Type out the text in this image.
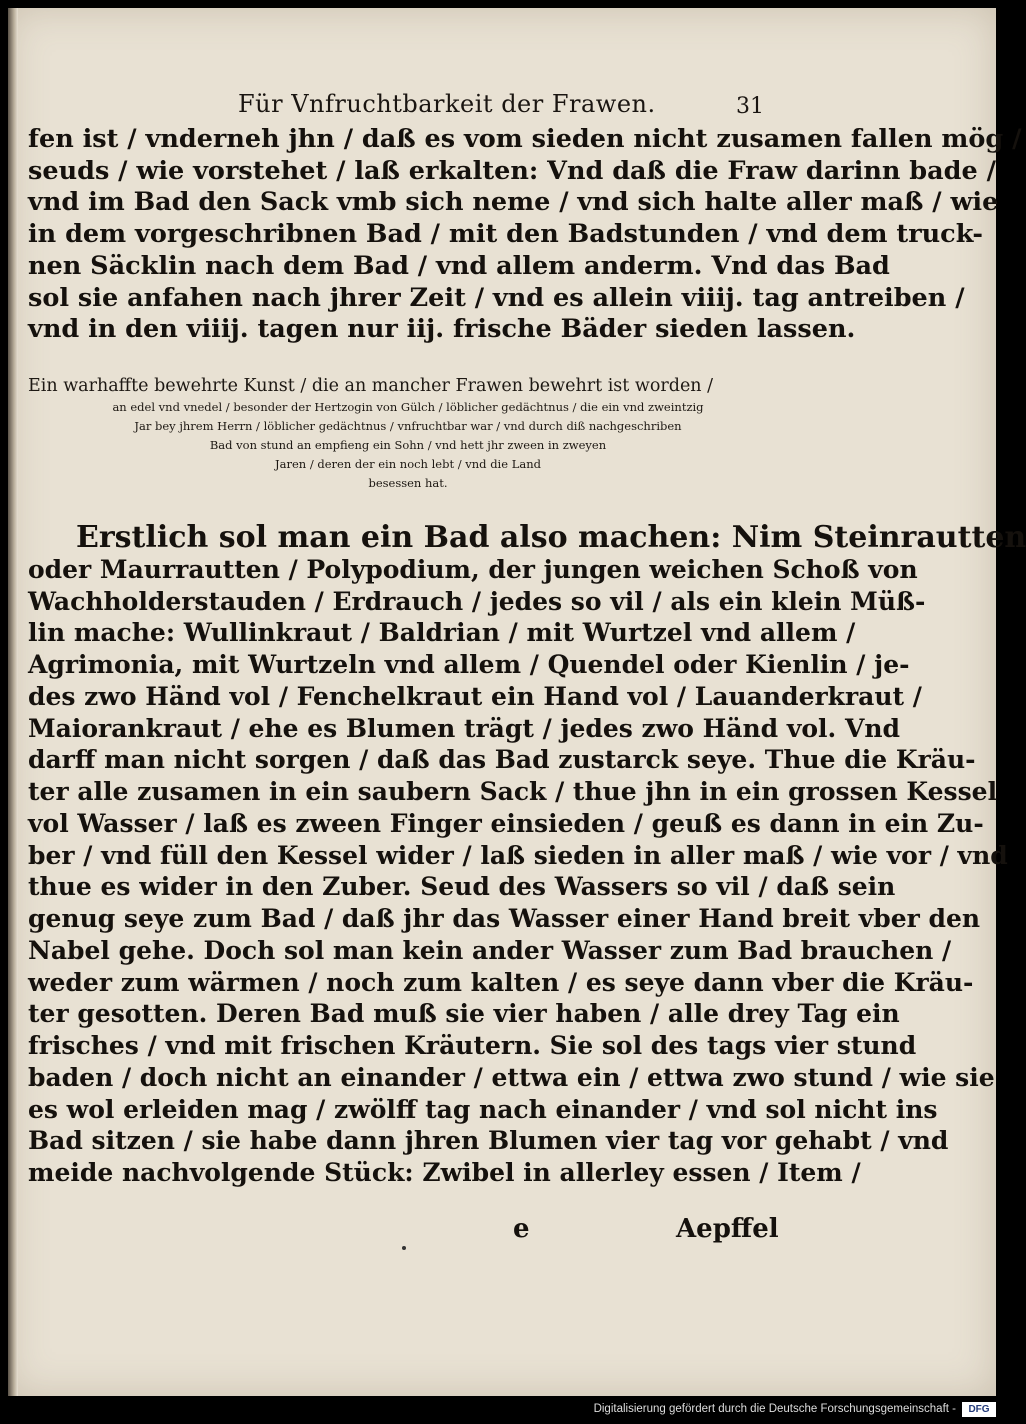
Für Vnfruchtbarkeit der Frawen.	31
fen ist / vnderneh jhn / daß es vom sieden nicht zusamen fallen mög /
seuds / wie vorstehet / laß erkalten: Vnd daß die Fraw darinn bade /
vnd im Bad den Sack vmb sich neme / vnd sich halte aller maß / wie
in dem vorgeschribnen Bad / mit den Badstunden / vnd dem truck-
nen Säcklin nach dem Bad / vnd allem anderm. Vnd das Bad
sol sie anfahen nach jhrer Zeit / vnd es allein viiij. tag antreiben /
vnd in den viiij. tagen nur iij. frische Bäder sieden lassen.
Ein warhaffte bewehrte Kunst / die an mancher Frawen bewehrt ist worden /
an edel vnd vnedel / besonder der Hertzogin von Gülch / löblicher gedächtnus / die ein vnd zweintzig
Jar bey jhrem Herrn / löblicher gedächtnus / vnfruchtbar war / vnd durch diß nachgeschriben
Bad von stund an empfieng ein Sohn / vnd hett jhr zween in zweyen
Jaren / deren der ein noch lebt / vnd die Land
besessen hat.
Erstlich sol man ein Bad also machen: Nim Steinrautten
oder Maurrautten / Polypodium, der jungen weichen Schoß von
Wachholderstauden / Erdrauch / jedes so vil / als ein klein Müß-
lin mache: Wullinkraut / Baldrian / mit Wurtzel vnd allem /
Agrimonia, mit Wurtzeln vnd allem / Quendel oder Kienlin / je-
des zwo Händ vol / Fenchelkraut ein Hand vol / Lauanderkraut /
Maiorankraut / ehe es Blumen trägt / jedes zwo Händ vol. Vnd
darff man nicht sorgen / daß das Bad zustarck seye. Thue die Kräu-
ter alle zusamen in ein saubern Sack / thue jhn in ein grossen Kessel
vol Wasser / laß es zween Finger einsieden / geuß es dann in ein Zu-
ber / vnd füll den Kessel wider / laß sieden in aller maß / wie vor / vnd
thue es wider in den Zuber. Seud des Wassers so vil / daß sein
genug seye zum Bad / daß jhr das Wasser einer Hand breit vber den
Nabel gehe. Doch sol man kein ander Wasser zum Bad brauchen /
weder zum wärmen / noch zum kalten / es seye dann vber die Kräu-
ter gesotten. Deren Bad muß sie vier haben / alle drey Tag ein
frisches / vnd mit frischen Kräutern. Sie sol des tags vier stund
baden / doch nicht an einander / ettwa ein / ettwa zwo stund / wie sie
es wol erleiden mag / zwölff tag nach einander / vnd sol nicht ins
Bad sitzen / sie habe dann jhren Blumen vier tag vor gehabt / vnd
meide nachvolgende Stück: Zwibel in allerley essen / Item /
e	Aepffel
Digitalisierung gefördert durch die Deutsche Forschungsgemeinschaft -	DFG
